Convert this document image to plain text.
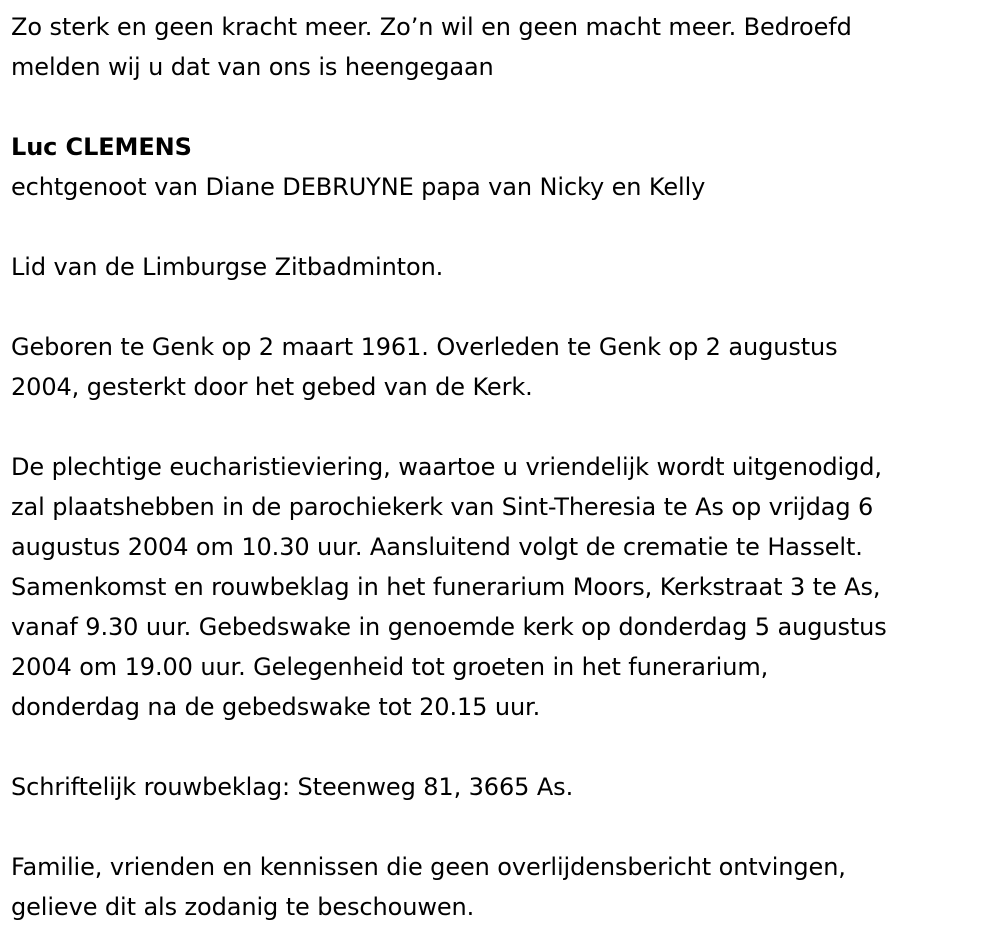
Zo sterk en geen kracht meer. Zo’n wil en geen macht meer. Bedroefd

melden wij u dat van ons is heengegaan

Luc CLEMENS

echtgenoot van Diane DEBRUYNE papa van Nicky en Kelly

Lid van de Limburgse Zitbadminton.

Geboren te Genk op 2 maart 1961. Overleden te Genk op 2 augustus

2004, gesterkt door het gebed van de Kerk.

De plechtige eucharistieviering, waartoe u vriendelijk wordt uitgenodigd,

zal plaatshebben in de parochiekerk van Sint-Theresia te As op vrijdag 6

augustus 2004 om 10.30 uur. Aansluitend volgt de crematie te Hasselt.

Samenkomst en rouwbeklag in het funerarium Moors, Kerkstraat 3 te As,

vanaf 9.30 uur. Gebedswake in genoemde kerk op donderdag 5 augustus

2004 om 19.00 uur. Gelegenheid tot groeten in het funerarium,

donderdag na de gebedswake tot 20.15 uur.

Schriftelijk rouwbeklag: Steenweg 81, 3665 As.

Familie, vrienden en kennissen die geen overlijdensbericht ontvingen,

gelieve dit als zodanig te beschouwen.
